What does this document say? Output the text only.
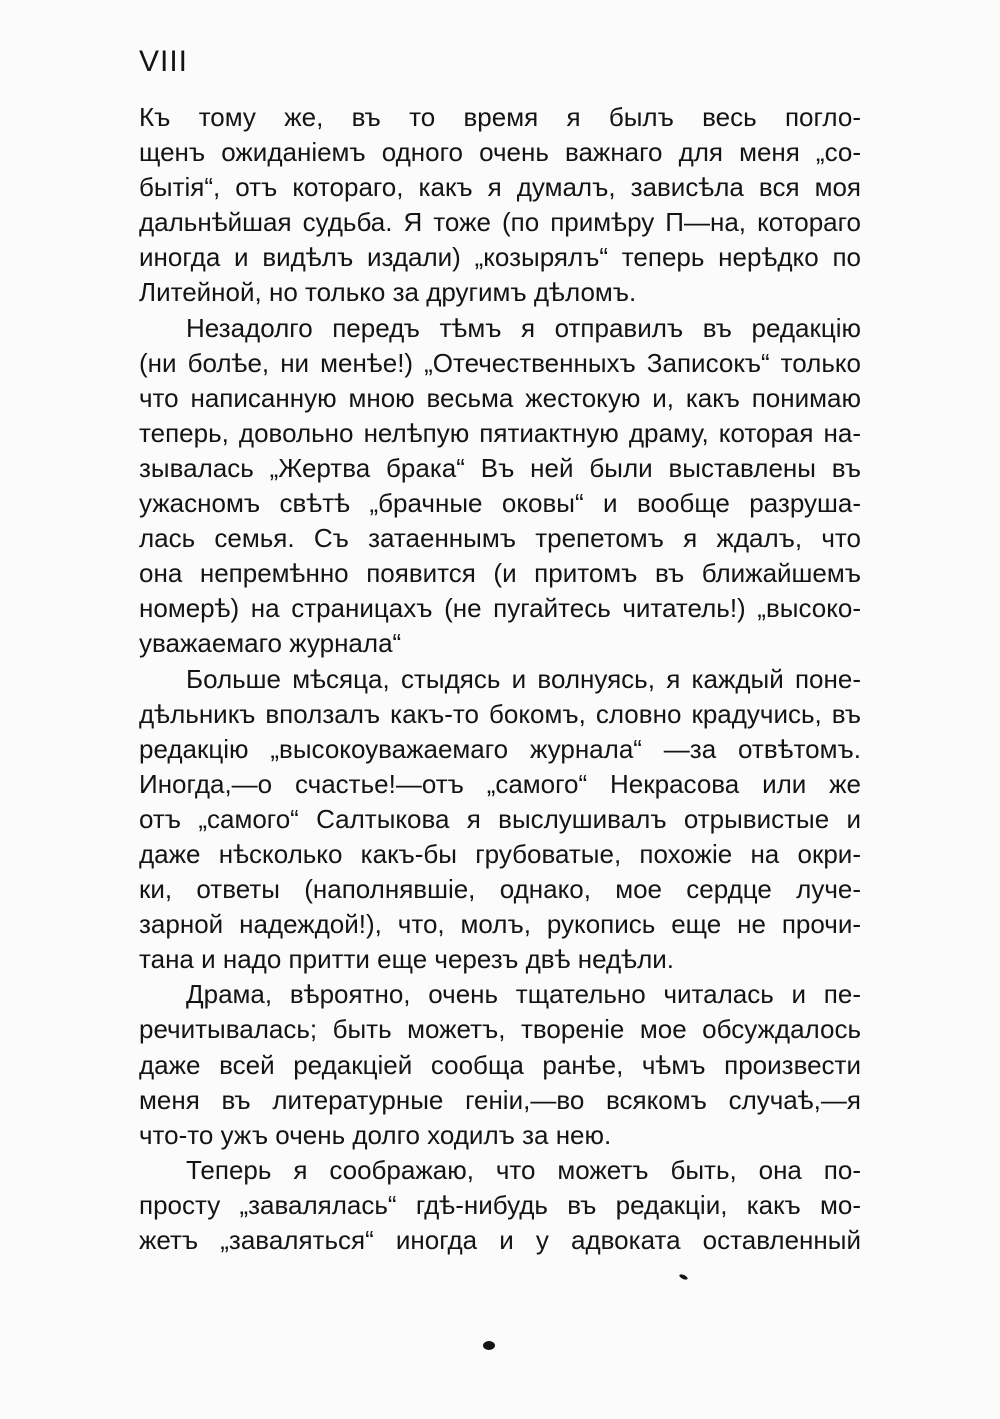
VIII
Къ тому же, въ то время я былъ весь погло-
щенъ ожиданіемъ одного очень важнаго для меня „со-
бытія“, отъ котораго, какъ я думалъ, зависѣла вся моя
дальнѣйшая судьба. Я тоже (по примѣру П—на, котораго
иногда и видѣлъ издали) „козырялъ“ теперь нерѣдко по
Литейной, но только за другимъ дѣломъ.
Незадолго передъ тѣмъ я отправилъ въ редакцію
(ни болѣе, ни менѣе!) „Отечественныхъ Записокъ“ только
что написанную мною весьма жестокую и, какъ понимаю
теперь, довольно нелѣпую пятиактную драму, которая на-
зывалась „Жертва брака“ Въ ней были выставлены въ
ужасномъ свѣтѣ „брачные оковы“ и вообще разруша-
лась семья. Съ затаеннымъ трепетомъ я ждалъ, что
она непремѣнно появится (и притомъ въ ближайшемъ
номерѣ) на страницахъ (не пугайтесь читатель!) „высоко-
уважаемаго журнала“
Больше мѣсяца, стыдясь и волнуясь, я каждый поне-
дѣльникъ вползалъ какъ-то бокомъ, словно крадучись, въ
редакцію „высокоуважаемаго журнала“ —за отвѣтомъ.
Иногда,—о счастье!—отъ „самого“ Некрасова или же
отъ „самого“ Салтыкова я выслушивалъ отрывистые и
даже нѣсколько какъ-бы грубоватые, похожіе на окри-
ки, ответы (наполнявшіе, однако, мое сердце луче-
зарной надеждой!), что, молъ, рукопись еще не прочи-
тана и надо притти еще черезъ двѣ недѣли.
Драма, вѣроятно, очень тщательно читалась и пе-
речитывалась; быть можетъ, твореніе мое обсуждалось
даже всей редакціей сообща ранѣе, чѣмъ произвести
меня въ литературные геніи,—во всякомъ случаѣ,—я
что-то ужъ очень долго ходилъ за нею.
Теперь я соображаю, что можетъ быть, она по-
просту „завалялась“ гдѣ-нибудь въ редакціи, какъ мо-
жетъ „заваляться“ иногда и у адвоката оставленный
